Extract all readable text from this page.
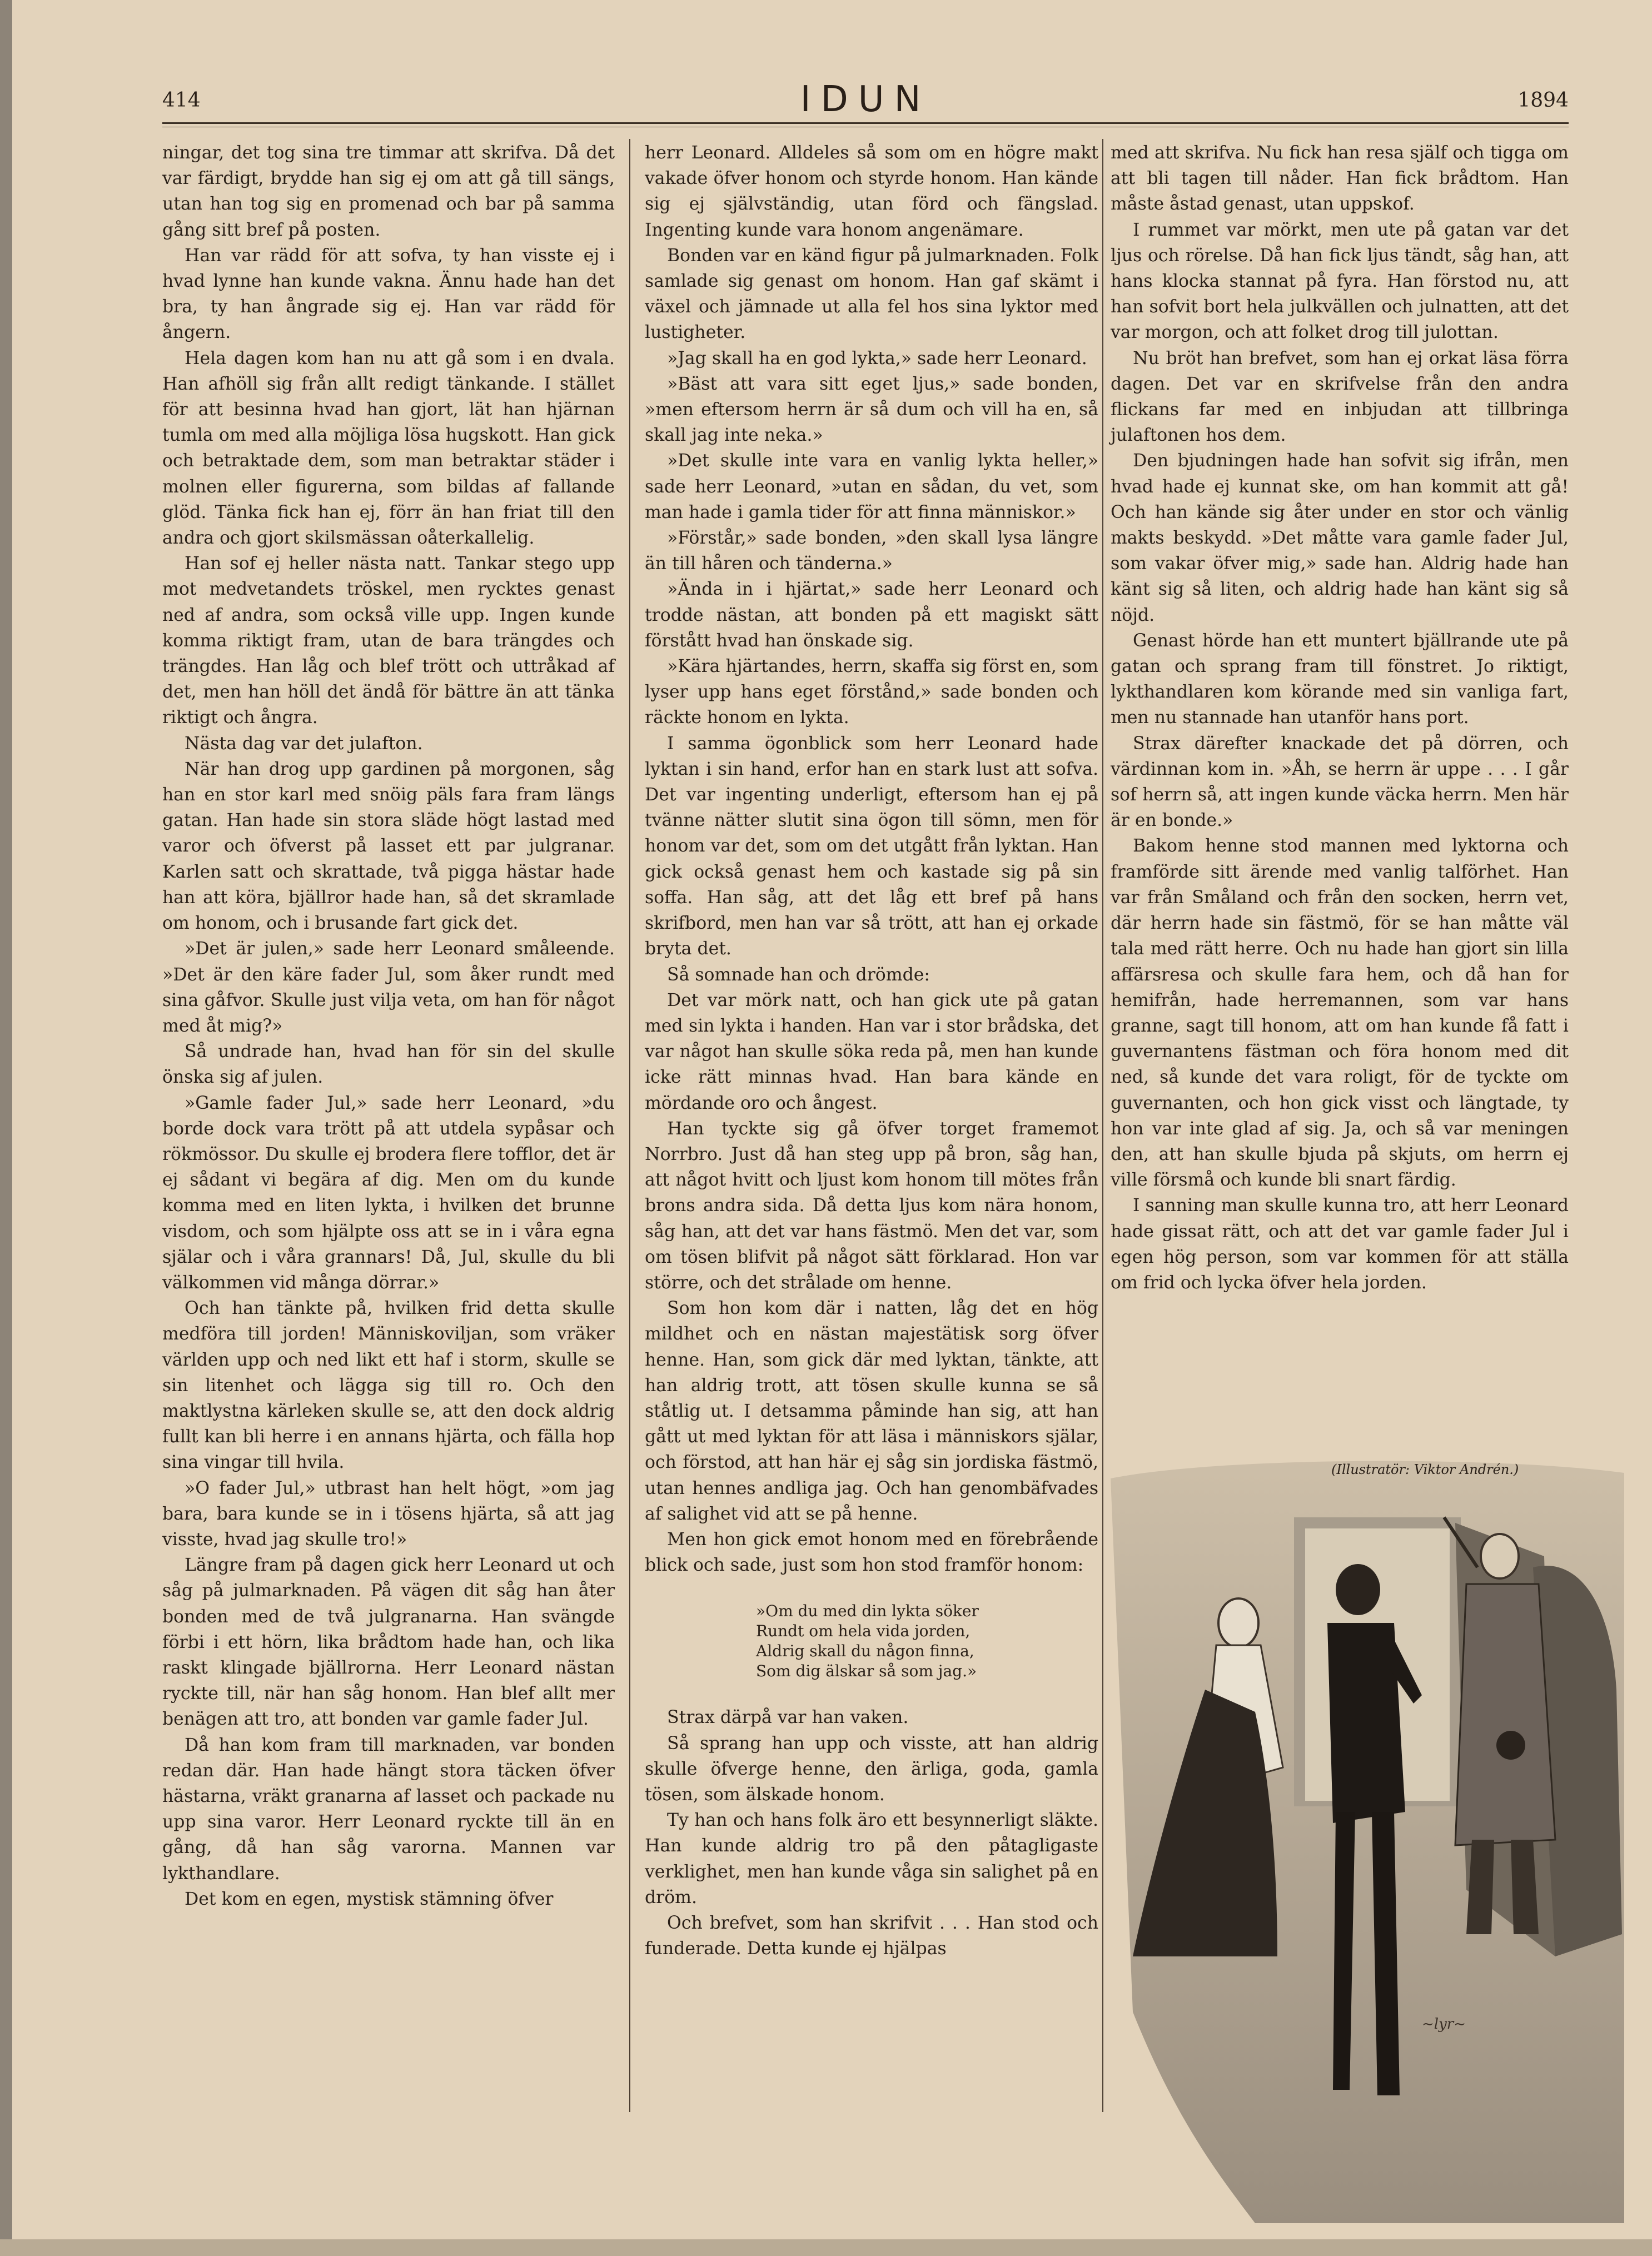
414	IDUN	1894

ningar, det tog sina tre timmar att skrifva. Då det var färdigt, brydde han sig ej om att gå till sängs, utan han tog sig en promenad och bar på samma gång sitt bref på posten.

Han var rädd för att sofva, ty han visste ej i hvad lynne han kunde vakna. Ännu hade han det bra, ty han ångrade sig ej. Han var rädd för ångern.

Hela dagen kom han nu att gå som i en dvala. Han afhöll sig från allt redigt tänkande. I stället för att besinna hvad han gjort, lät han hjärnan tumla om med alla möjliga lösa hugskott. Han gick och betraktade dem, som man betraktar städer i molnen eller figurerna, som bildas af fallande glöd. Tänka fick han ej, förr än han friat till den andra och gjort skilsmässan oåterkallelig.

Han sof ej heller nästa natt. Tankar stego upp mot medvetandets tröskel, men rycktes genast ned af andra, som också ville upp. Ingen kunde komma riktigt fram, utan de bara trängdes och trängdes. Han låg och blef trött och uttråkad af det, men han höll det ändå för bättre än att tänka riktigt och ångra.

Nästa dag var det julafton.

När han drog upp gardinen på morgonen, såg han en stor karl med snöig päls fara fram längs gatan. Han hade sin stora släde högt lastad med varor och öfverst på lasset ett par julgranar. Karlen satt och skrattade, två pigga hästar hade han att köra, bjällror hade han, så det skramlade om honom, och i brusande fart gick det.

»Det är julen,» sade herr Leonard småleende. »Det är den käre fader Jul, som åker rundt med sina gåfvor. Skulle just vilja veta, om han för något med åt mig?»

Så undrade han, hvad han för sin del skulle önska sig af julen.

»Gamle fader Jul,» sade herr Leonard, »du borde dock vara trött på att utdela sypåsar och rökmössor. Du skulle ej brodera flere tofflor, det är ej sådant vi begära af dig. Men om du kunde komma med en liten lykta, i hvilken det brunne visdom, och som hjälpte oss att se in i våra egna själar och i våra grannars! Då, Jul, skulle du bli välkommen vid många dörrar.»

Och han tänkte på, hvilken frid detta skulle medföra till jorden! Människoviljan, som vräker världen upp och ned likt ett haf i storm, skulle se sin litenhet och lägga sig till ro. Och den maktlystna kärleken skulle se, att den dock aldrig fullt kan bli herre i en annans hjärta, och fälla hop sina vingar till hvila.

»O fader Jul,» utbrast han helt högt, »om jag bara, bara kunde se in i tösens hjärta, så att jag visste, hvad jag skulle tro!»

Längre fram på dagen gick herr Leonard ut och såg på julmarknaden. På vägen dit såg han åter bonden med de två julgranarna. Han svängde förbi i ett hörn, lika brådtom hade han, och lika raskt klingade bjällrorna. Herr Leonard nästan ryckte till, när han såg honom. Han blef allt mer benägen att tro, att bonden var gamle fader Jul.

Då han kom fram till marknaden, var bonden redan där. Han hade hängt stora täcken öfver hästarna, vräkt granarna af lasset och packade nu upp sina varor. Herr Leonard ryckte till än en gång, då han såg varorna. Mannen var lykthandlare.

Det kom en egen, mystisk stämning öfver

herr Leonard. Alldeles så som om en högre makt vakade öfver honom och styrde honom. Han kände sig ej självständig, utan förd och fängslad. Ingenting kunde vara honom angenämare.

Bonden var en känd figur på julmarknaden. Folk samlade sig genast om honom. Han gaf skämt i växel och jämnade ut alla fel hos sina lyktor med lustigheter.

»Jag skall ha en god lykta,» sade herr Leonard.

»Bäst att vara sitt eget ljus,» sade bonden, »men eftersom herrn är så dum och vill ha en, så skall jag inte neka.»

»Det skulle inte vara en vanlig lykta heller,» sade herr Leonard, »utan en sådan, du vet, som man hade i gamla tider för att finna människor.»

»Förstår,» sade bonden, »den skall lysa längre än till håren och tänderna.»

»Ända in i hjärtat,» sade herr Leonard och trodde nästan, att bonden på ett magiskt sätt förstått hvad han önskade sig.

»Kära hjärtandes, herrn, skaffa sig först en, som lyser upp hans eget förstånd,» sade bonden och räckte honom en lykta.

I samma ögonblick som herr Leonard hade lyktan i sin hand, erfor han en stark lust att sofva. Det var ingenting underligt, eftersom han ej på tvänne nätter slutit sina ögon till sömn, men för honom var det, som om det utgått från lyktan. Han gick också genast hem och kastade sig på sin soffa. Han såg, att det låg ett bref på hans skrifbord, men han var så trött, att han ej orkade bryta det.

Så somnade han och drömde:

Det var mörk natt, och han gick ute på gatan med sin lykta i handen. Han var i stor brådska, det var något han skulle söka reda på, men han kunde icke rätt minnas hvad. Han bara kände en mördande oro och ångest.

Han tyckte sig gå öfver torget framemot Norrbro. Just då han steg upp på bron, såg han, att något hvitt och ljust kom honom till mötes från brons andra sida. Då detta ljus kom nära honom, såg han, att det var hans fästmö. Men det var, som om tösen blifvit på något sätt förklarad. Hon var större, och det strålade om henne.

Som hon kom där i natten, låg det en hög mildhet och en nästan majestätisk sorg öfver henne. Han, som gick där med lyktan, tänkte, att han aldrig trott, att tösen skulle kunna se så ståtlig ut. I detsamma påminde han sig, att han gått ut med lyktan för att läsa i människors själar, och förstod, att han här ej såg sin jordiska fästmö, utan hennes andliga jag. Och han genombäfvades af salighet vid att se på henne.

Men hon gick emot honom med en förebrående blick och sade, just som hon stod framför honom:

»Om du med din lykta söker
Rundt om hela vida jorden,
Aldrig skall du någon finna,
Som dig älskar så som jag.»

Strax därpå var han vaken.

Så sprang han upp och visste, att han aldrig skulle öfverge henne, den ärliga, goda, gamla tösen, som älskade honom.

Ty han och hans folk äro ett besynnerligt släkte. Han kunde aldrig tro på den påtagligaste verklighet, men han kunde våga sin salighet på en dröm.

Och brefvet, som han skrifvit . . . Han stod och funderade. Detta kunde ej hjälpas

med att skrifva. Nu fick han resa själf och tigga om att bli tagen till nåder. Han fick brådtom. Han måste åstad genast, utan uppskof.

I rummet var mörkt, men ute på gatan var det ljus och rörelse. Då han fick ljus tändt, såg han, att hans klocka stannat på fyra. Han förstod nu, att han sofvit bort hela julkvällen och julnatten, att det var morgon, och att folket drog till julottan.

Nu bröt han brefvet, som han ej orkat läsa förra dagen. Det var en skrifvelse från den andra flickans far med en inbjudan att tillbringa julaftonen hos dem.

Den bjudningen hade han sofvit sig ifrån, men hvad hade ej kunnat ske, om han kommit att gå! Och han kände sig åter under en stor och vänlig makts beskydd. »Det måtte vara gamle fader Jul, som vakar öfver mig,» sade han. Aldrig hade han känt sig så liten, och aldrig hade han känt sig så nöjd.

Genast hörde han ett muntert bjällrande ute på gatan och sprang fram till fönstret. Jo riktigt, lykthandlaren kom körande med sin vanliga fart, men nu stannade han utanför hans port.

Strax därefter knackade det på dörren, och värdinnan kom in. »Åh, se herrn är uppe . . . I går sof herrn så, att ingen kunde väcka herrn. Men här är en bonde.»

Bakom henne stod mannen med lyktorna och framförde sitt ärende med vanlig talförhet. Han var från Småland och från den socken, herrn vet, där herrn hade sin fästmö, för se han måtte väl tala med rätt herre. Och nu hade han gjort sin lilla affärsresa och skulle fara hem, och då han for hemifrån, hade herremannen, som var hans granne, sagt till honom, att om han kunde få fatt i guvernantens fästman och föra honom med dit ned, så kunde det vara roligt, för de tyckte om guvernanten, och hon gick visst och längtade, ty hon var inte glad af sig. Ja, och så var meningen den, att han skulle bjuda på skjuts, om herrn ej ville försmå och kunde bli snart färdig.

I sanning man skulle kunna tro, att herr Leonard hade gissat rätt, och att det var gamle fader Jul i egen hög person, som var kommen för att ställa om frid och lycka öfver hela jorden.

~lyr~
(Illustratör: Viktor Andrén.)
